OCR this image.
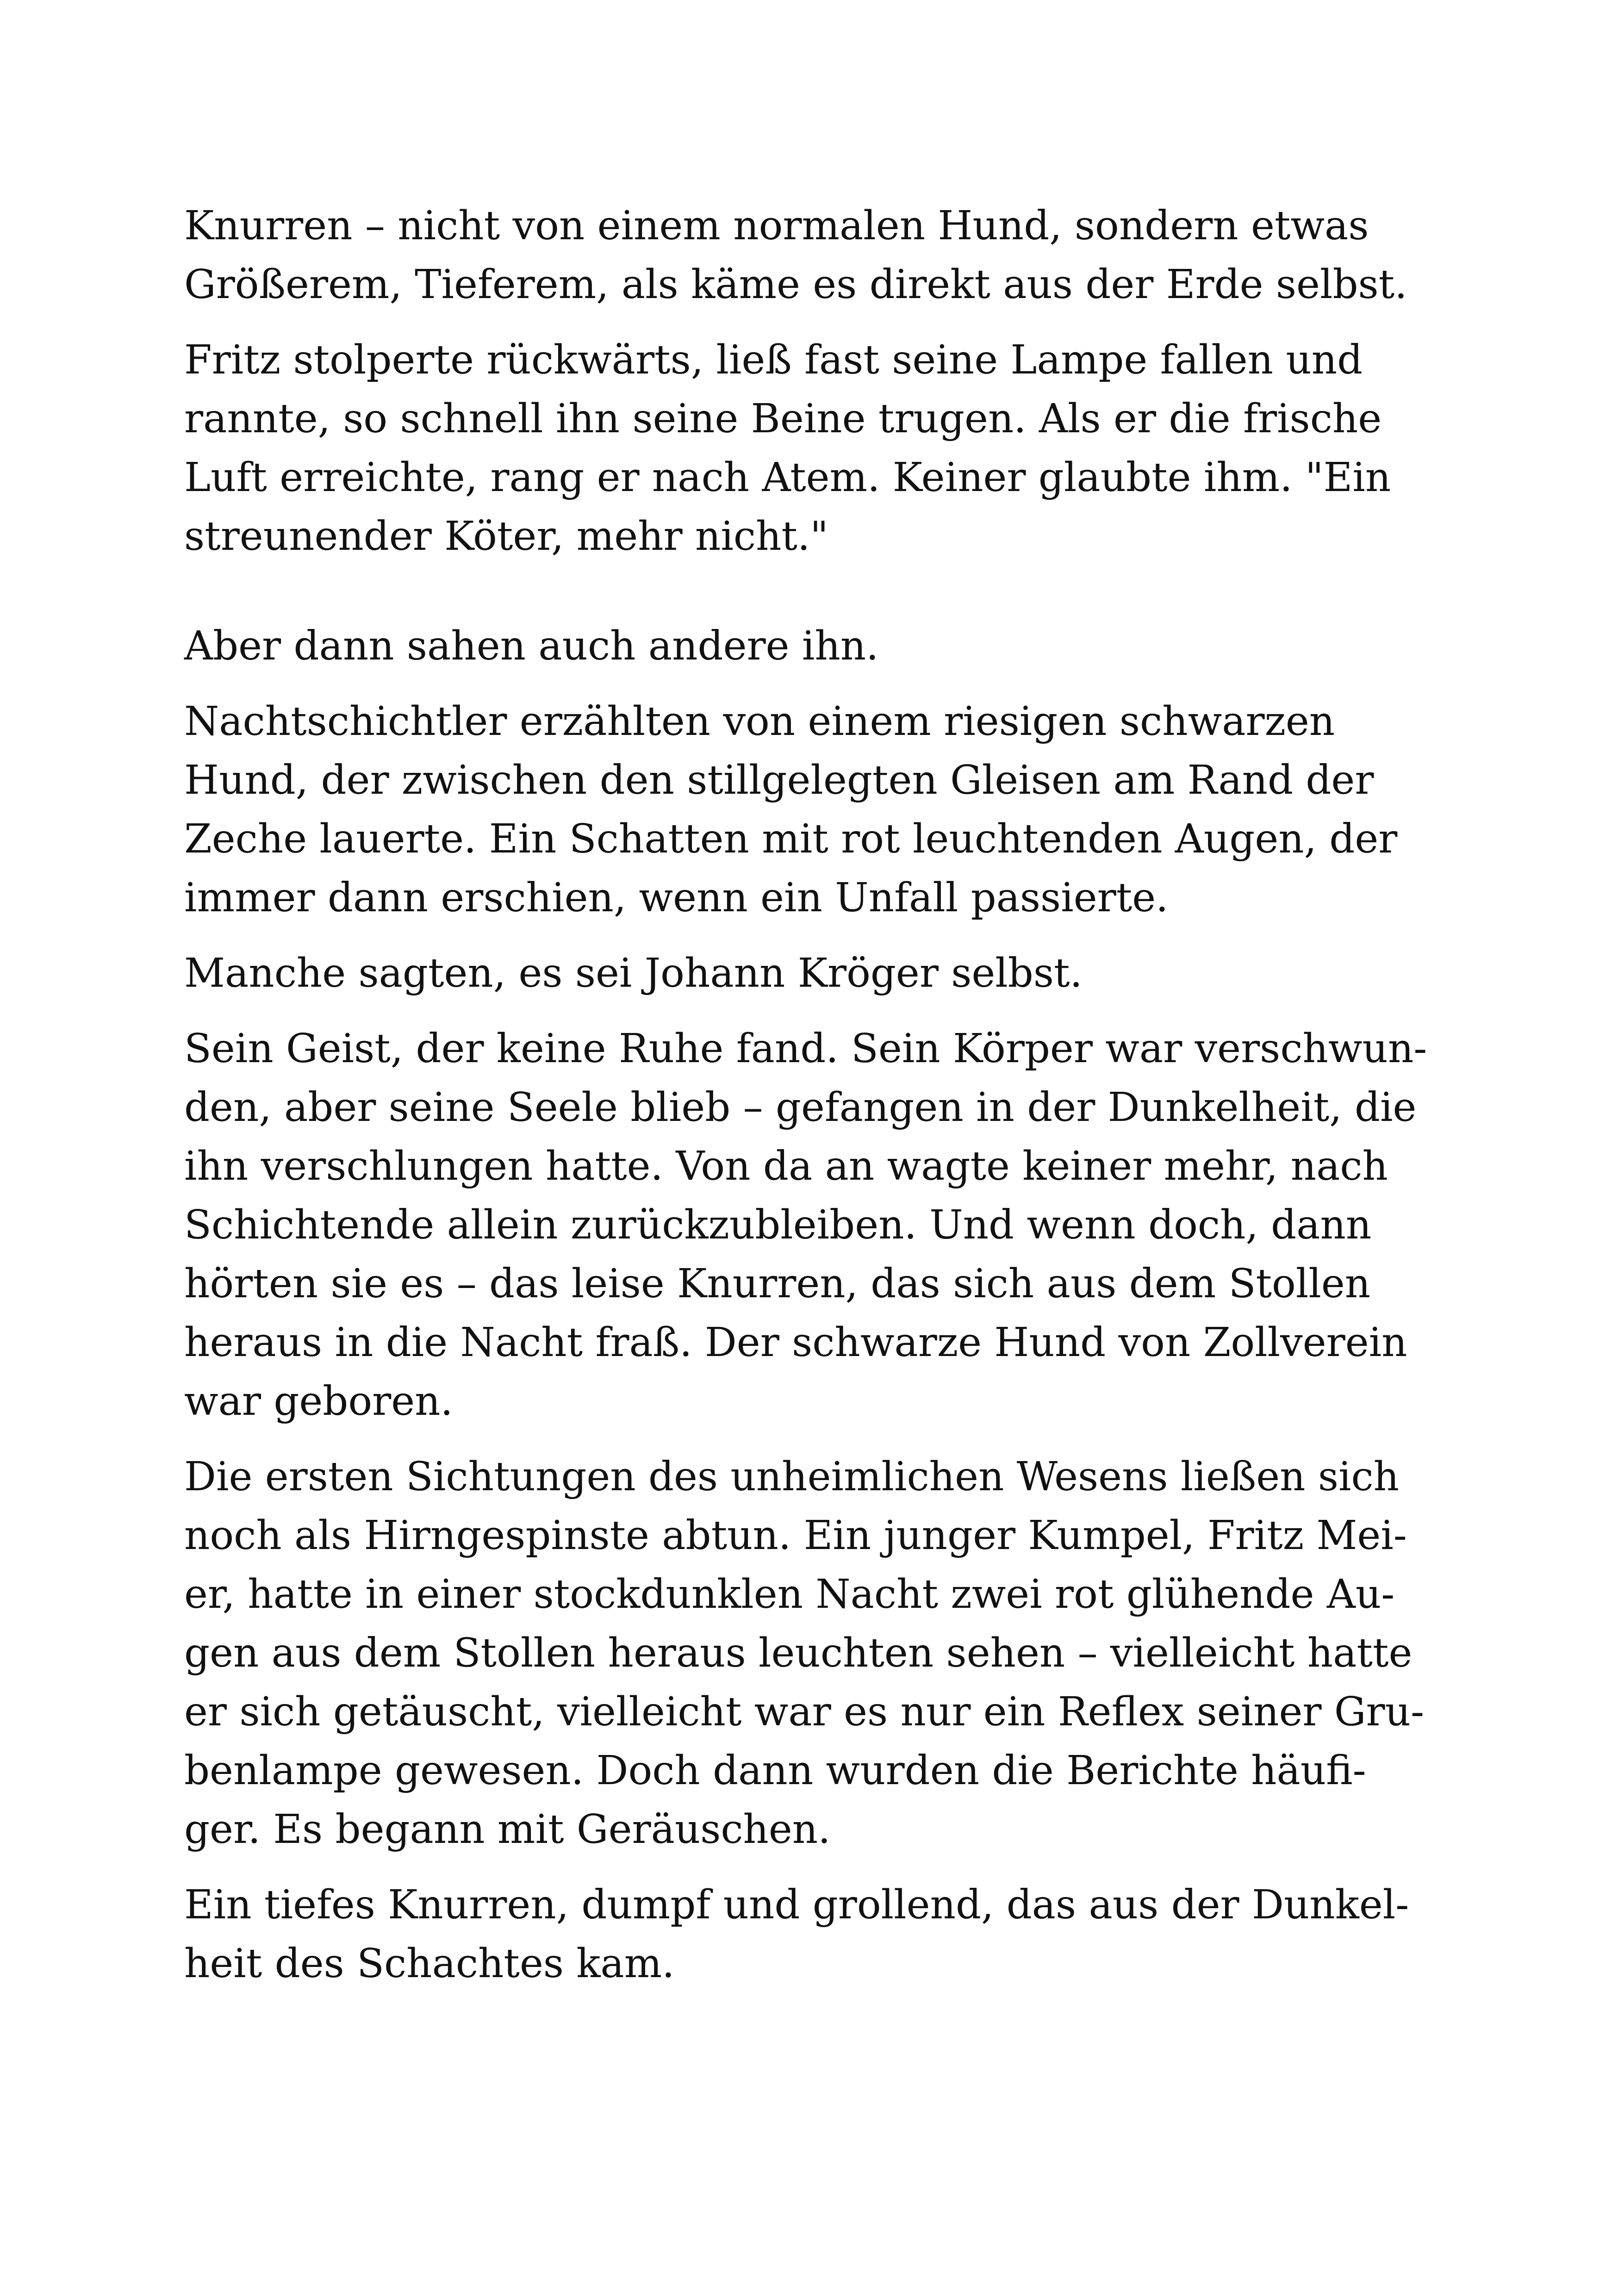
Knurren – nicht von einem normalen Hund, sondern etwas
Größerem, Tieferem, als käme es direkt aus der Erde selbst.

Fritz stolperte rückwärts, ließ fast seine Lampe fallen und
rannte, so schnell ihn seine Beine trugen. Als er die frische
Luft erreichte, rang er nach Atem. Keiner glaubte ihm. "Ein
streunender Köter, mehr nicht."

Aber dann sahen auch andere ihn.

Nachtschichtler erzählten von einem riesigen schwarzen
Hund, der zwischen den stillgelegten Gleisen am Rand der
Zeche lauerte. Ein Schatten mit rot leuchtenden Augen, der
immer dann erschien, wenn ein Unfall passierte.

Manche sagten, es sei Johann Kröger selbst.

Sein Geist, der keine Ruhe fand. Sein Körper war verschwun-
den, aber seine Seele blieb – gefangen in der Dunkelheit, die
ihn verschlungen hatte. Von da an wagte keiner mehr, nach
Schichtende allein zurückzubleiben. Und wenn doch, dann
hörten sie es – das leise Knurren, das sich aus dem Stollen
heraus in die Nacht fraß. Der schwarze Hund von Zollverein
war geboren.

Die ersten Sichtungen des unheimlichen Wesens ließen sich
noch als Hirngespinste abtun. Ein junger Kumpel, Fritz Mei-
er, hatte in einer stockdunklen Nacht zwei rot glühende Au-
gen aus dem Stollen heraus leuchten sehen – vielleicht hatte
er sich getäuscht, vielleicht war es nur ein Reflex seiner Gru-
benlampe gewesen. Doch dann wurden die Berichte häufi-
ger. Es begann mit Geräuschen.

Ein tiefes Knurren, dumpf und grollend, das aus der Dunkel-
heit des Schachtes kam.
